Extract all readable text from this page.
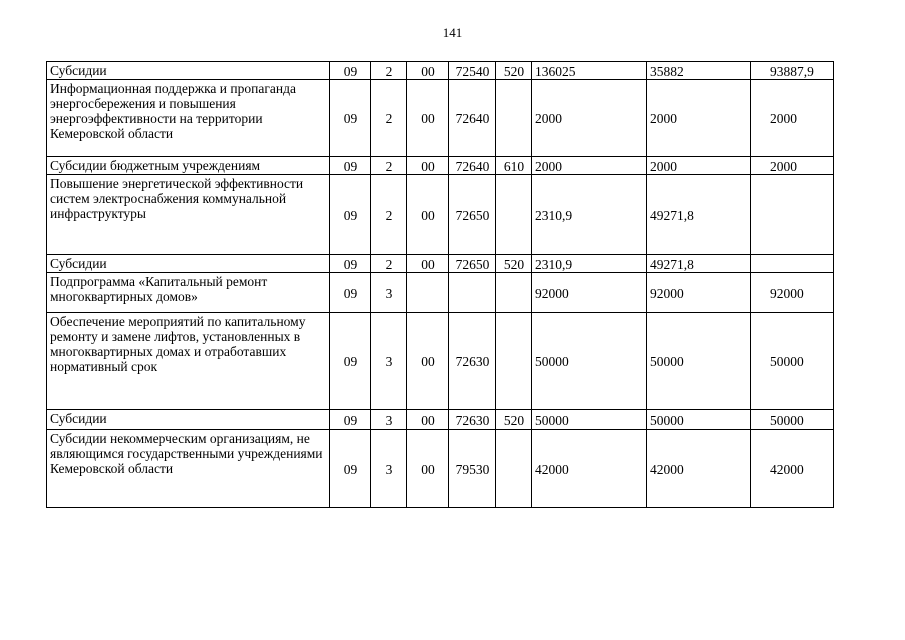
141
Субсидии	09	2	00	72540	520	136025	35882	93887,9
Информационная поддержка и пропаганда энергосбережения и повышения энергоэффективности на территории Кемеровской области	09	2	00	72640		2000	2000	2000
Субсидии бюджетным учреждениям	09	2	00	72640	610	2000	2000	2000
Повышение энергетической эффективности систем электроснабжения коммунальной инфраструктуры	09	2	00	72650		2310,9	49271,8	
Субсидии	09	2	00	72650	520	2310,9	49271,8	
Подпрограмма «Капитальный ремонт многоквартирных домов»	09	3				92000	92000	92000
Обеспечение мероприятий по капитальному ремонту и замене лифтов, установленных в многоквартирных домах и отработавших нормативный срок	09	3	00	72630		50000	50000	50000
Субсидии	09	3	00	72630	520	50000	50000	50000
Субсидии некоммерческим организациям, не являющимся государственными учреждениями Кемеровской области	09	3	00	79530		42000	42000	42000
